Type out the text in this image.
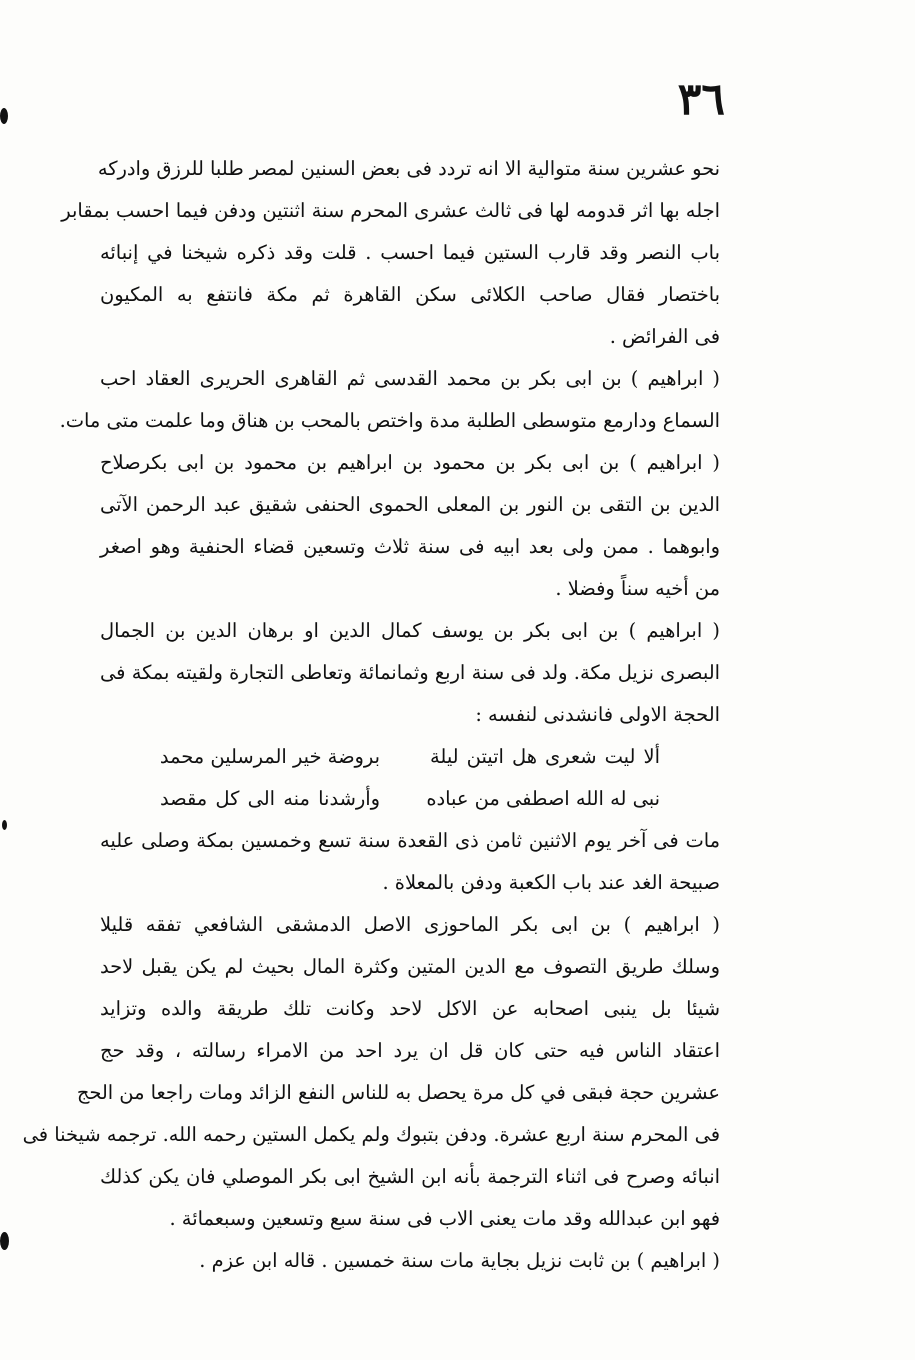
٣٦
نحو عشرين سنة متوالية الا انه تردد فى بعض السنين لمصر طلبا للرزق وادركه
اجله بها اثر قدومه لها فى ثالث عشرى المحرم سنة اثنتين ودفن فيما احسب بمقابر
باب النصر وقد قارب الستين فيما احسب . قلت وقد ذكره شيخنا في إنبائه
باختصار فقال صاحب الكلائى سكن القاهرة ثم مكة فانتفع به المكيون
فى الفرائض .
( ابراهيم ) بن ابى بكر بن محمد القدسى ثم القاهرى الحريرى العقاد احب
السماع ودارمع متوسطى الطلبة مدة واختص بالمحب بن هناق وما علمت متى مات.
( ابراهيم ) بن ابى بكر بن محمود بن ابراهيم بن محمود بن ابى بكرصلاح
الدين بن التقى بن النور بن المعلى الحموى الحنفى شقيق عبد الرحمن الآتى
وابوهما . ممن ولى بعد ابيه فى سنة ثلاث وتسعين قضاء الحنفية وهو اصغر
من أخيه سناً وفضلا .
( ابراهيم ) بن ابى بكر بن يوسف كمال الدين او برهان الدين بن الجمال
البصرى نزيل مكة. ولد فى سنة اربع وثمانمائة وتعاطى التجارة ولقيته بمكة فى
الحجة الاولى فانشدنى لنفسه :
ألا ليت شعرى هل اتيتن ليلة
بروضة خير المرسلين محمد
نبى له الله اصطفى من عباده
وأرشدنا منه الى كل مقصد
مات فى آخر يوم الاثنين ثامن ذى القعدة سنة تسع وخمسين بمكة وصلى عليه
صبيحة الغد عند باب الكعبة ودفن بالمعلاة .
( ابراهيم ) بن ابى بكر الماحوزى الاصل الدمشقى الشافعي تفقه قليلا
وسلك طريق التصوف مع الدين المتين وكثرة المال بحيث لم يكن يقبل لاحد
شيئا بل ينبى اصحابه عن الاكل لاحد وكانت تلك طريقة والده وتزايد
اعتقاد الناس فيه حتى كان قل ان يرد احد من الامراء رسالته ، وقد حج
عشرين حجة فبقى في كل مرة يحصل به للناس النفع الزائد ومات راجعا من الحج
فى المحرم سنة اربع عشرة. ودفن بتبوك ولم يكمل الستين رحمه الله. ترجمه شيخنا فى
انبائه وصرح فى اثناء الترجمة بأنه ابن الشيخ ابى بكر الموصلي فان يكن كذلك
فهو ابن عبدالله وقد مات يعنى الاب فى سنة سبع وتسعين وسبعمائة .
( ابراهيم ) بن ثابت نزيل بجاية مات سنة خمسين . قاله ابن عزم .
